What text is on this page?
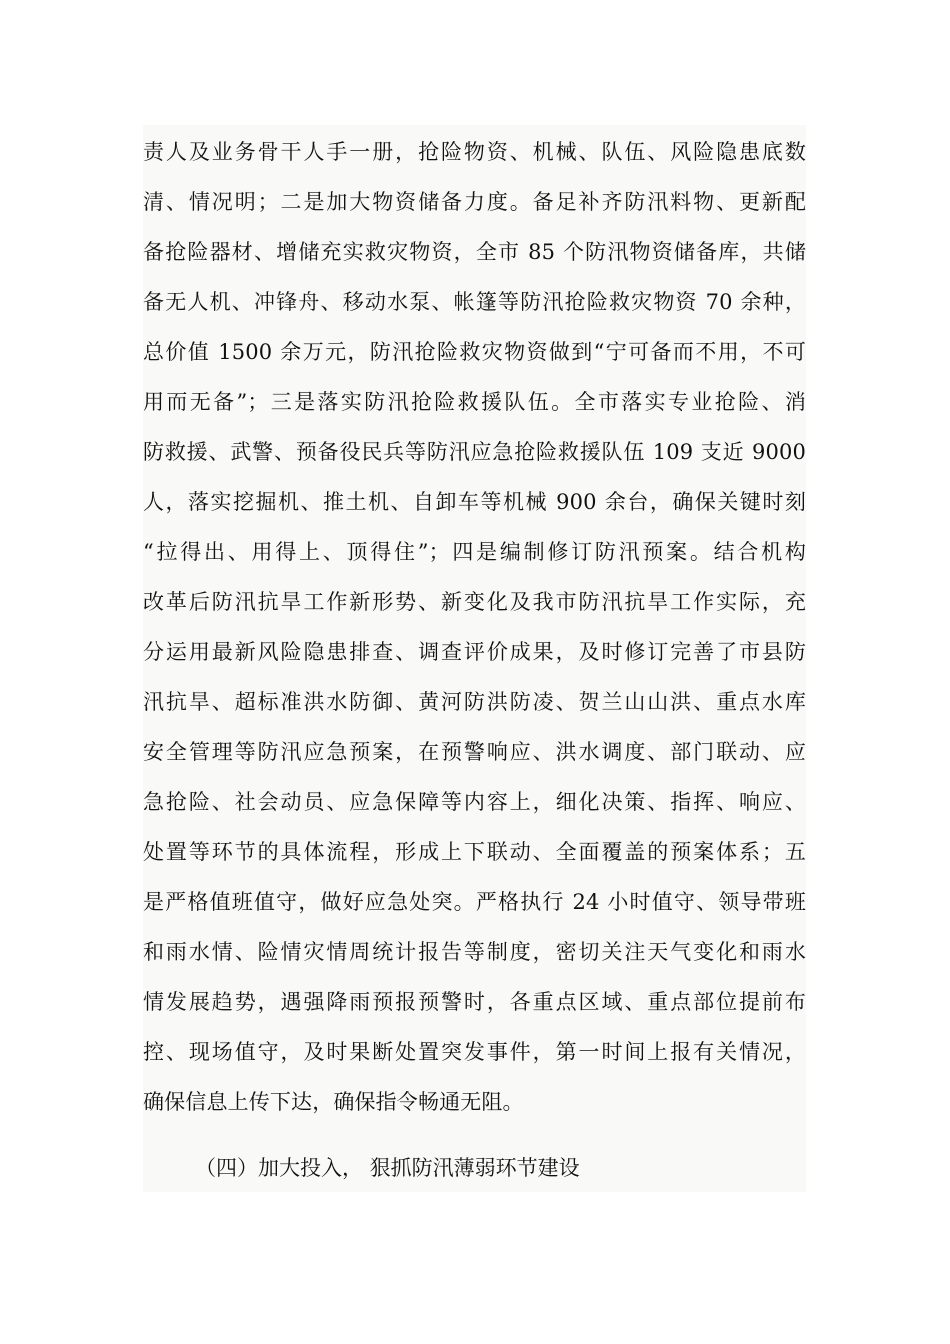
责人及业务骨干人手一册，抢险物资、机械、队伍、风险隐患底数
清、情况明；二是加大物资储备力度。备足补齐防汛料物、更新配
备抢险器材、增储充实救灾物资，全市 85 个防汛物资储备库，共储
备无人机、冲锋舟、移动水泵、帐篷等防汛抢险救灾物资 70 余种，
总价值 1500 余万元，防汛抢险救灾物资做到“宁可备而不用，不可
用而无备”；三是落实防汛抢险救援队伍。全市落实专业抢险、消
防救援、武警、预备役民兵等防汛应急抢险救援队伍 109 支近 9000
人，落实挖掘机、推土机、自卸车等机械 900 余台，确保关键时刻
“拉得出、用得上、顶得住”；四是编制修订防汛预案。结合机构
改革后防汛抗旱工作新形势、新变化及我市防汛抗旱工作实际，充
分运用最新风险隐患排查、调查评价成果，及时修订完善了市县防
汛抗旱、超标准洪水防御、黄河防洪防凌、贺兰山山洪、重点水库
安全管理等防汛应急预案，在预警响应、洪水调度、部门联动、应
急抢险、社会动员、应急保障等内容上，细化决策、指挥、响应、
处置等环节的具体流程，形成上下联动、全面覆盖的预案体系；五
是严格值班值守，做好应急处突。严格执行 24 小时值守、领导带班
和雨水情、险情灾情周统计报告等制度，密切关注天气变化和雨水
情发展趋势，遇强降雨预报预警时，各重点区域、重点部位提前布
控、现场值守，及时果断处置突发事件，第一时间上报有关情况，
确保信息上传下达，确保指令畅通无阻。
（四）加大投入， 狠抓防汛薄弱环节建设
